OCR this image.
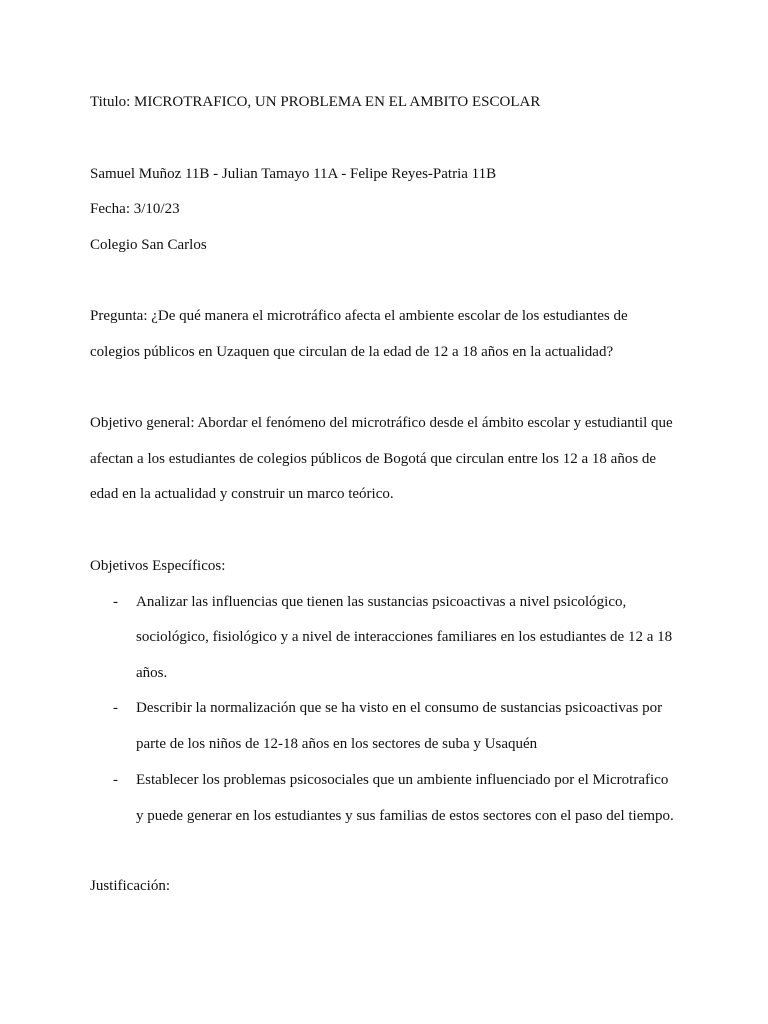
Titulo: MICROTRAFICO, UN PROBLEMA EN EL AMBITO ESCOLAR
Samuel Muñoz 11B - Julian Tamayo 11A - Felipe Reyes-Patria 11B
Fecha: 3/10/23
Colegio San Carlos
Pregunta: ¿De qué manera el microtráfico afecta el ambiente escolar de los estudiantes de
colegios públicos en Uzaquen que circulan de la edad de 12 a 18 años en la actualidad?
Objetivo general: Abordar el fenómeno del microtráfico desde el ámbito escolar y estudiantil que
afectan a los estudiantes de colegios públicos de Bogotá que circulan entre los 12 a 18 años de
edad en la actualidad y construir un marco teórico.
Objetivos Específicos:
- Analizar las influencias que tienen las sustancias psicoactivas a nivel psicológico,
sociológico, fisiológico y a nivel de interacciones familiares en los estudiantes de 12 a 18
años.
- Describir la normalización que se ha visto en el consumo de sustancias psicoactivas por
parte de los niños de 12-18 años en los sectores de suba y Usaquén
- Establecer los problemas psicosociales que un ambiente influenciado por el Microtrafico
y puede generar en los estudiantes y sus familias de estos sectores con el paso del tiempo.
Justificación:
